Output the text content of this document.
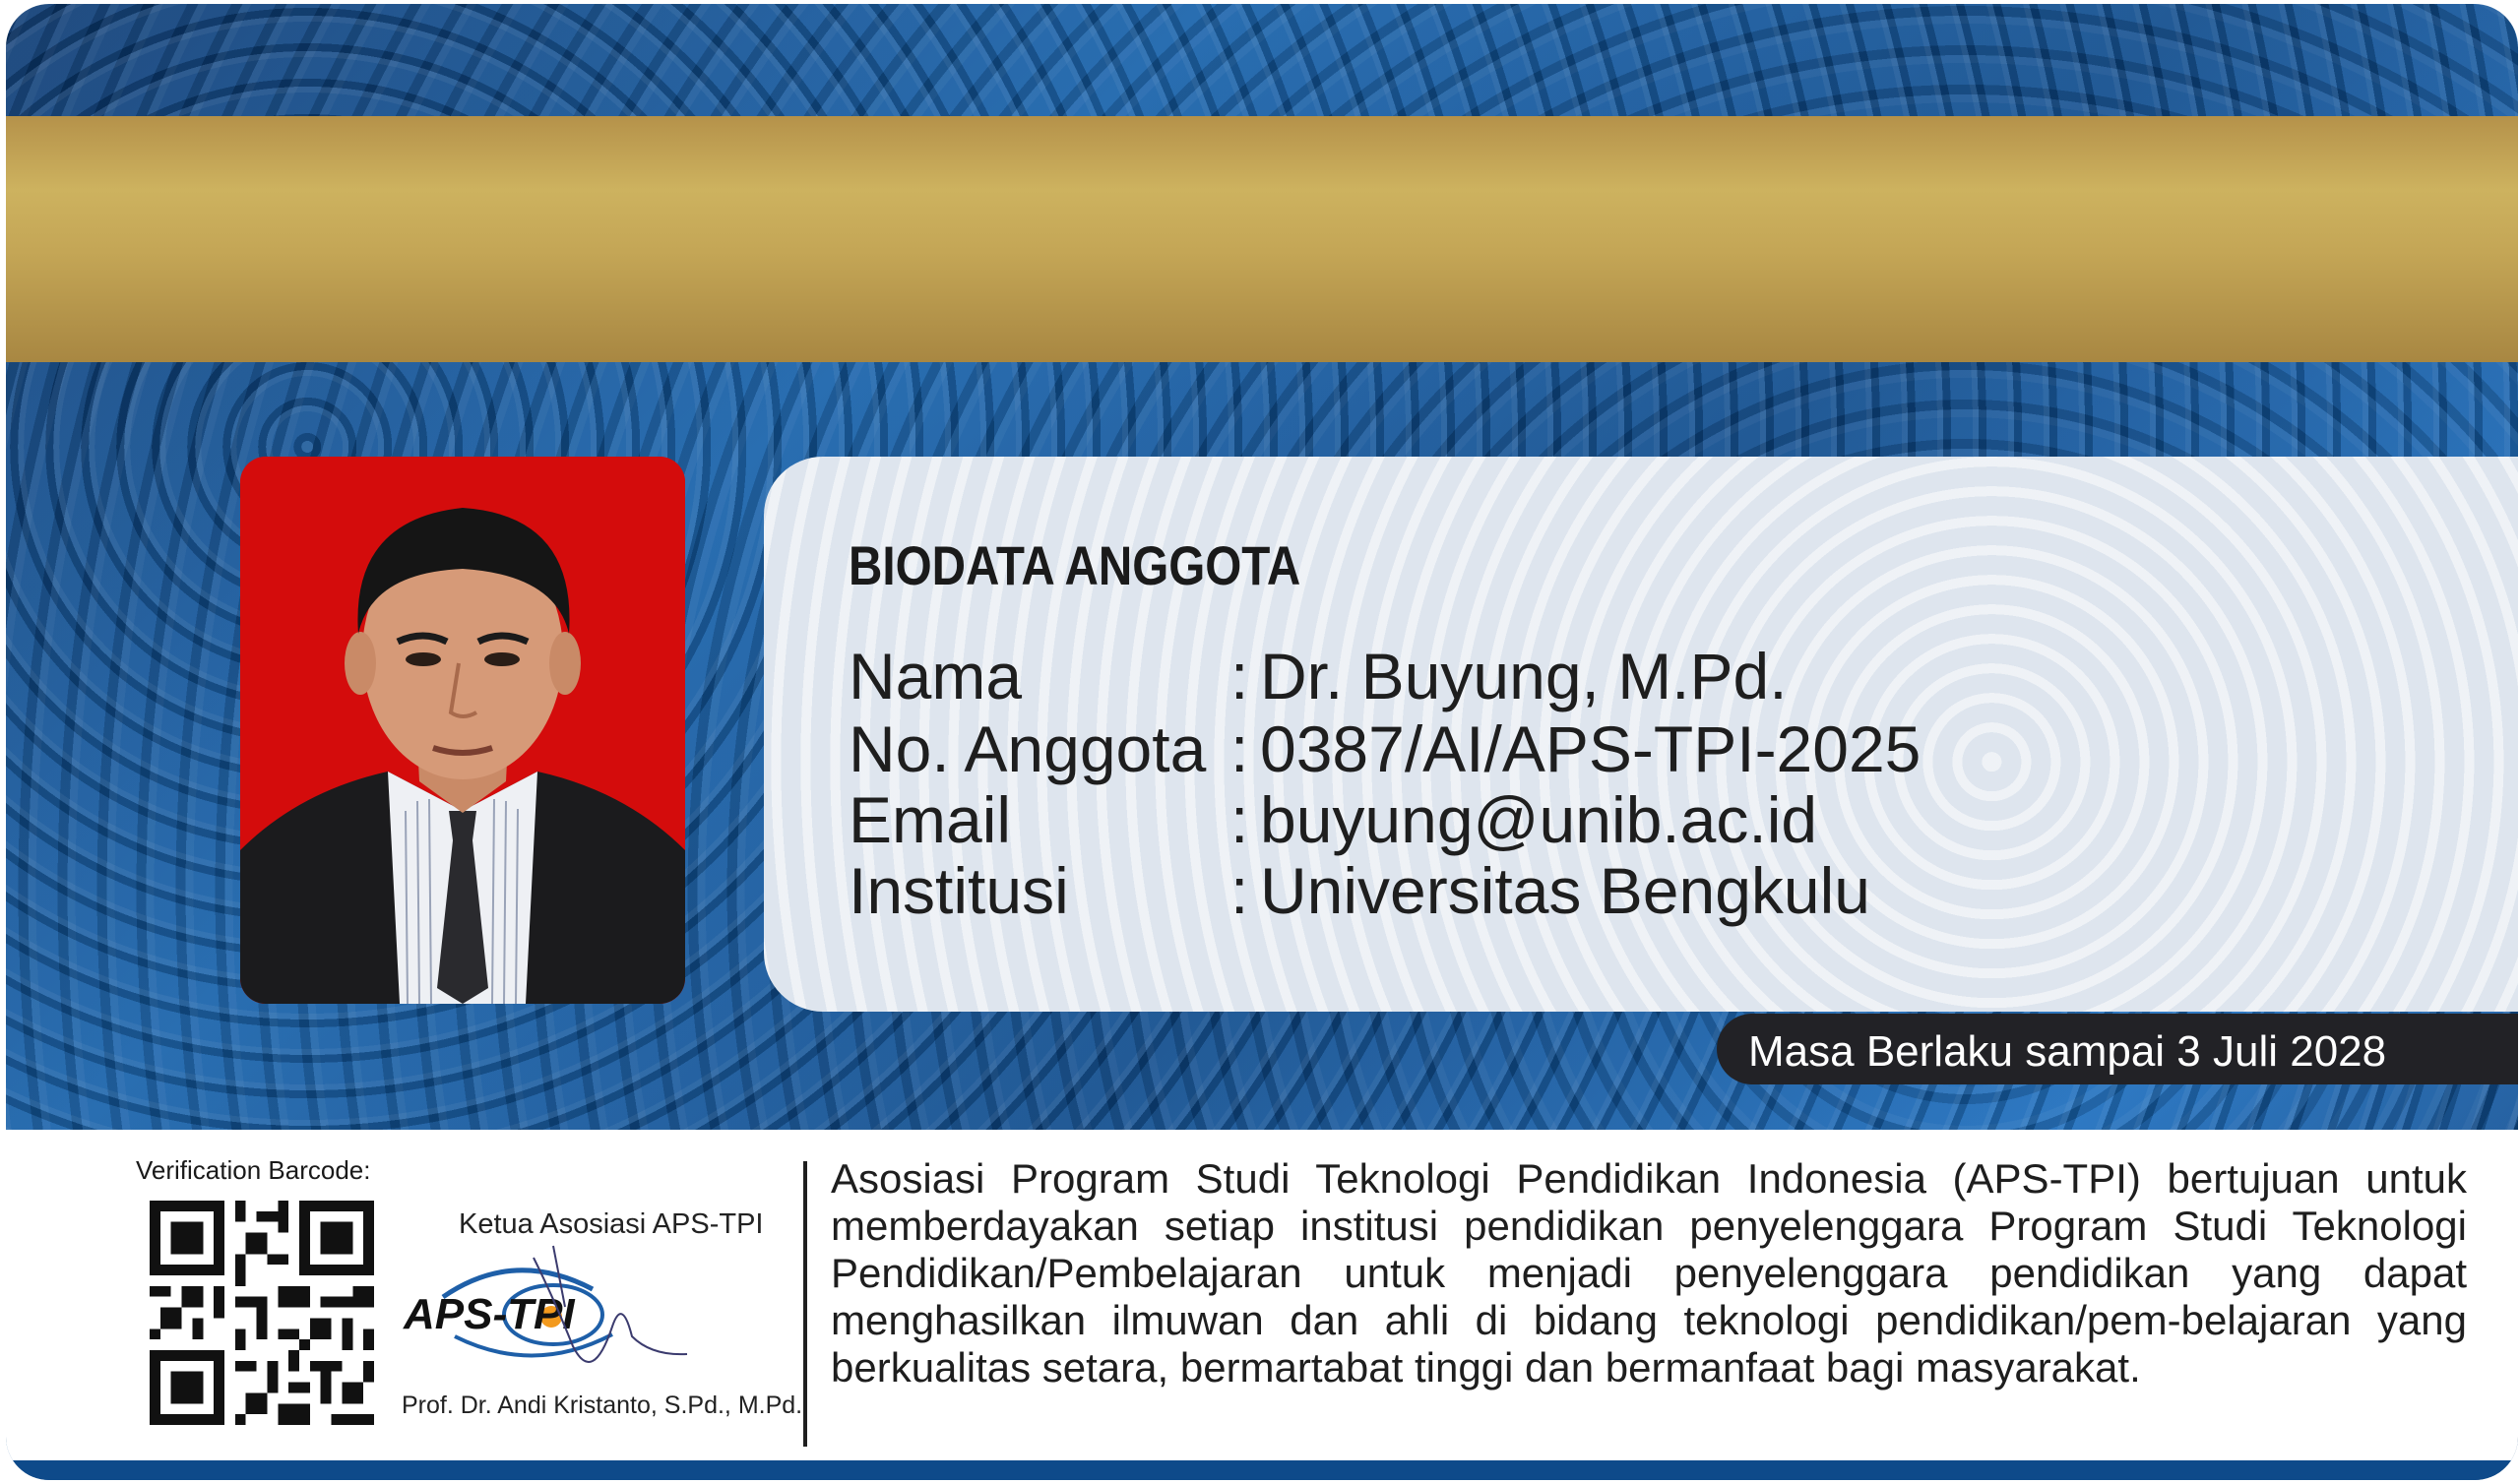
BIODATA ANGGOTA
Nama	: Dr. Buyung, M.Pd.
No. Anggota : 0387/AI/APS-TPI-2025
Email	: buyung@unib.ac.id
Institusi : Universitas Bengkulu
Masa Berlaku sampai 3 Juli 2028
Verification Barcode:
Ketua Asosiasi APS-TPI
APS-TPI
Prof. Dr. Andi Kristanto, S.Pd., M.Pd.
Asosiasi Program Studi Teknologi Pendidikan Indonesia (APS-TPI) bertujuan untuk memberdayakan setiap institusi pendidikan penyelenggara Program Studi Teknologi Pendidikan/Pembelajaran untuk menjadi penyelenggara pendidikan yang dapat menghasilkan ilmuwan dan ahli di bidang teknologi pendidikan/pem-belajaran yang berkualitas setara, bermartabat tinggi dan bermanfaat bagi masyarakat.
